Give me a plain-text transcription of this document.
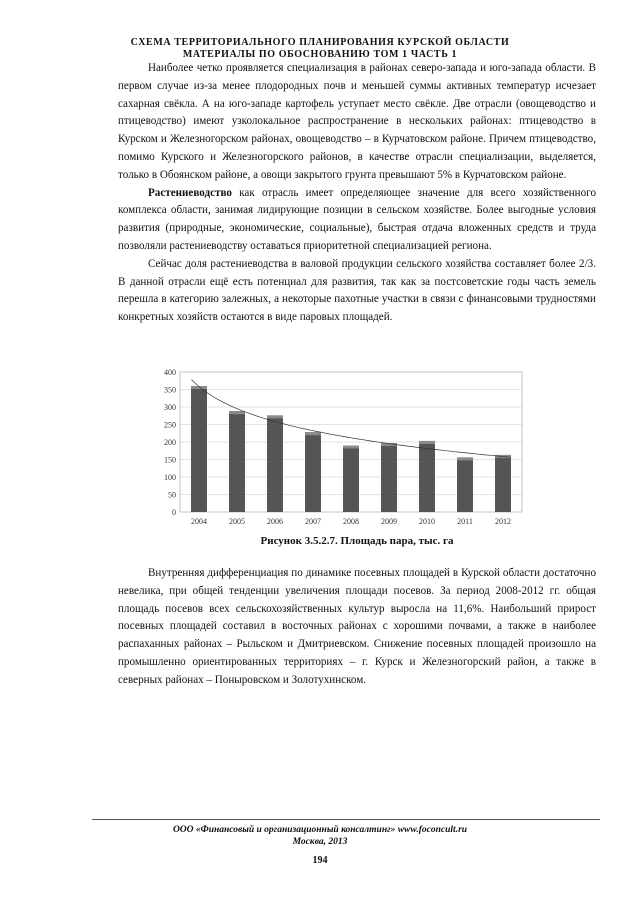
СХЕМА ТЕРРИТОРИАЛЬНОГО ПЛАНИРОВАНИЯ КУРСКОЙ ОБЛАСТИ
МАТЕРИАЛЫ ПО ОБОСНОВАНИЮ ТОМ 1 ЧАСТЬ 1

Наиболее четко проявляется специализация в районах северо-запада и юго-запада области. В первом случае из-за менее плодородных почв и меньшей суммы активных температур исчезает сахарная свёкла. А на юго-западе картофель уступает место свёкле. Две отрасли (овощеводство и птицеводство) имеют узколокальное распространение в нескольких районах: птицеводство в Курском и Железногорском районах, овощеводство – в Курчатовском районе. Причем птицеводство, помимо Курского и Железногорского районов, в качестве отрасли специализации, выделяется, только в Обоянском районе, а овощи закрытого грунта превышают 5% в Курчатовском районе.

Растениеводство как отрасль имеет определяющее значение для всего хозяйственного комплекса области, занимая лидирующие позиции в сельском хозяйстве. Более выгодные условия развития (природные, экономические, социальные), быстрая отдача вложенных средств и труда позволяли растениеводству оставаться приоритетной специализацией региона.

Сейчас доля растениеводства в валовой продукции сельского хозяйства составляет более 2/3. В данной отрасли ещё есть потенциал для развития, так как за постсоветские годы часть земель перешла в категорию залежных, а некоторые пахотные участки в связи с финансовыми трудностями конкретных хозяйств остаются в виде паровых площадей.

0
50
100
150
200
250
300
350
400
2004	2005	2006	2007	2008	2009	2010	2011	2012
Рисунок 3.5.2.7. Площадь пара, тыс. га

Внутренняя дифференциация по динамике посевных площадей в Курской области достаточно невелика, при общей тенденции увеличения площади посевов. За период 2008-2012 гг. общая площадь посевов всех сельскохозяйственных культур выросла на 11,6%. Наибольший прирост посевных площадей составил в восточных районах с хорошими почвами, а также в наиболее распаханных районах – Рыльском и Дмитриевском. Снижение посевных площадей произошло на промышленно ориентированных территориях – г. Курск и Железногорский район, а также в северных районах – Поныровском и Золотухинском.

ООО «Финансовый и организационный консалтинг» www.foconcult.ru
Москва, 2013
194
